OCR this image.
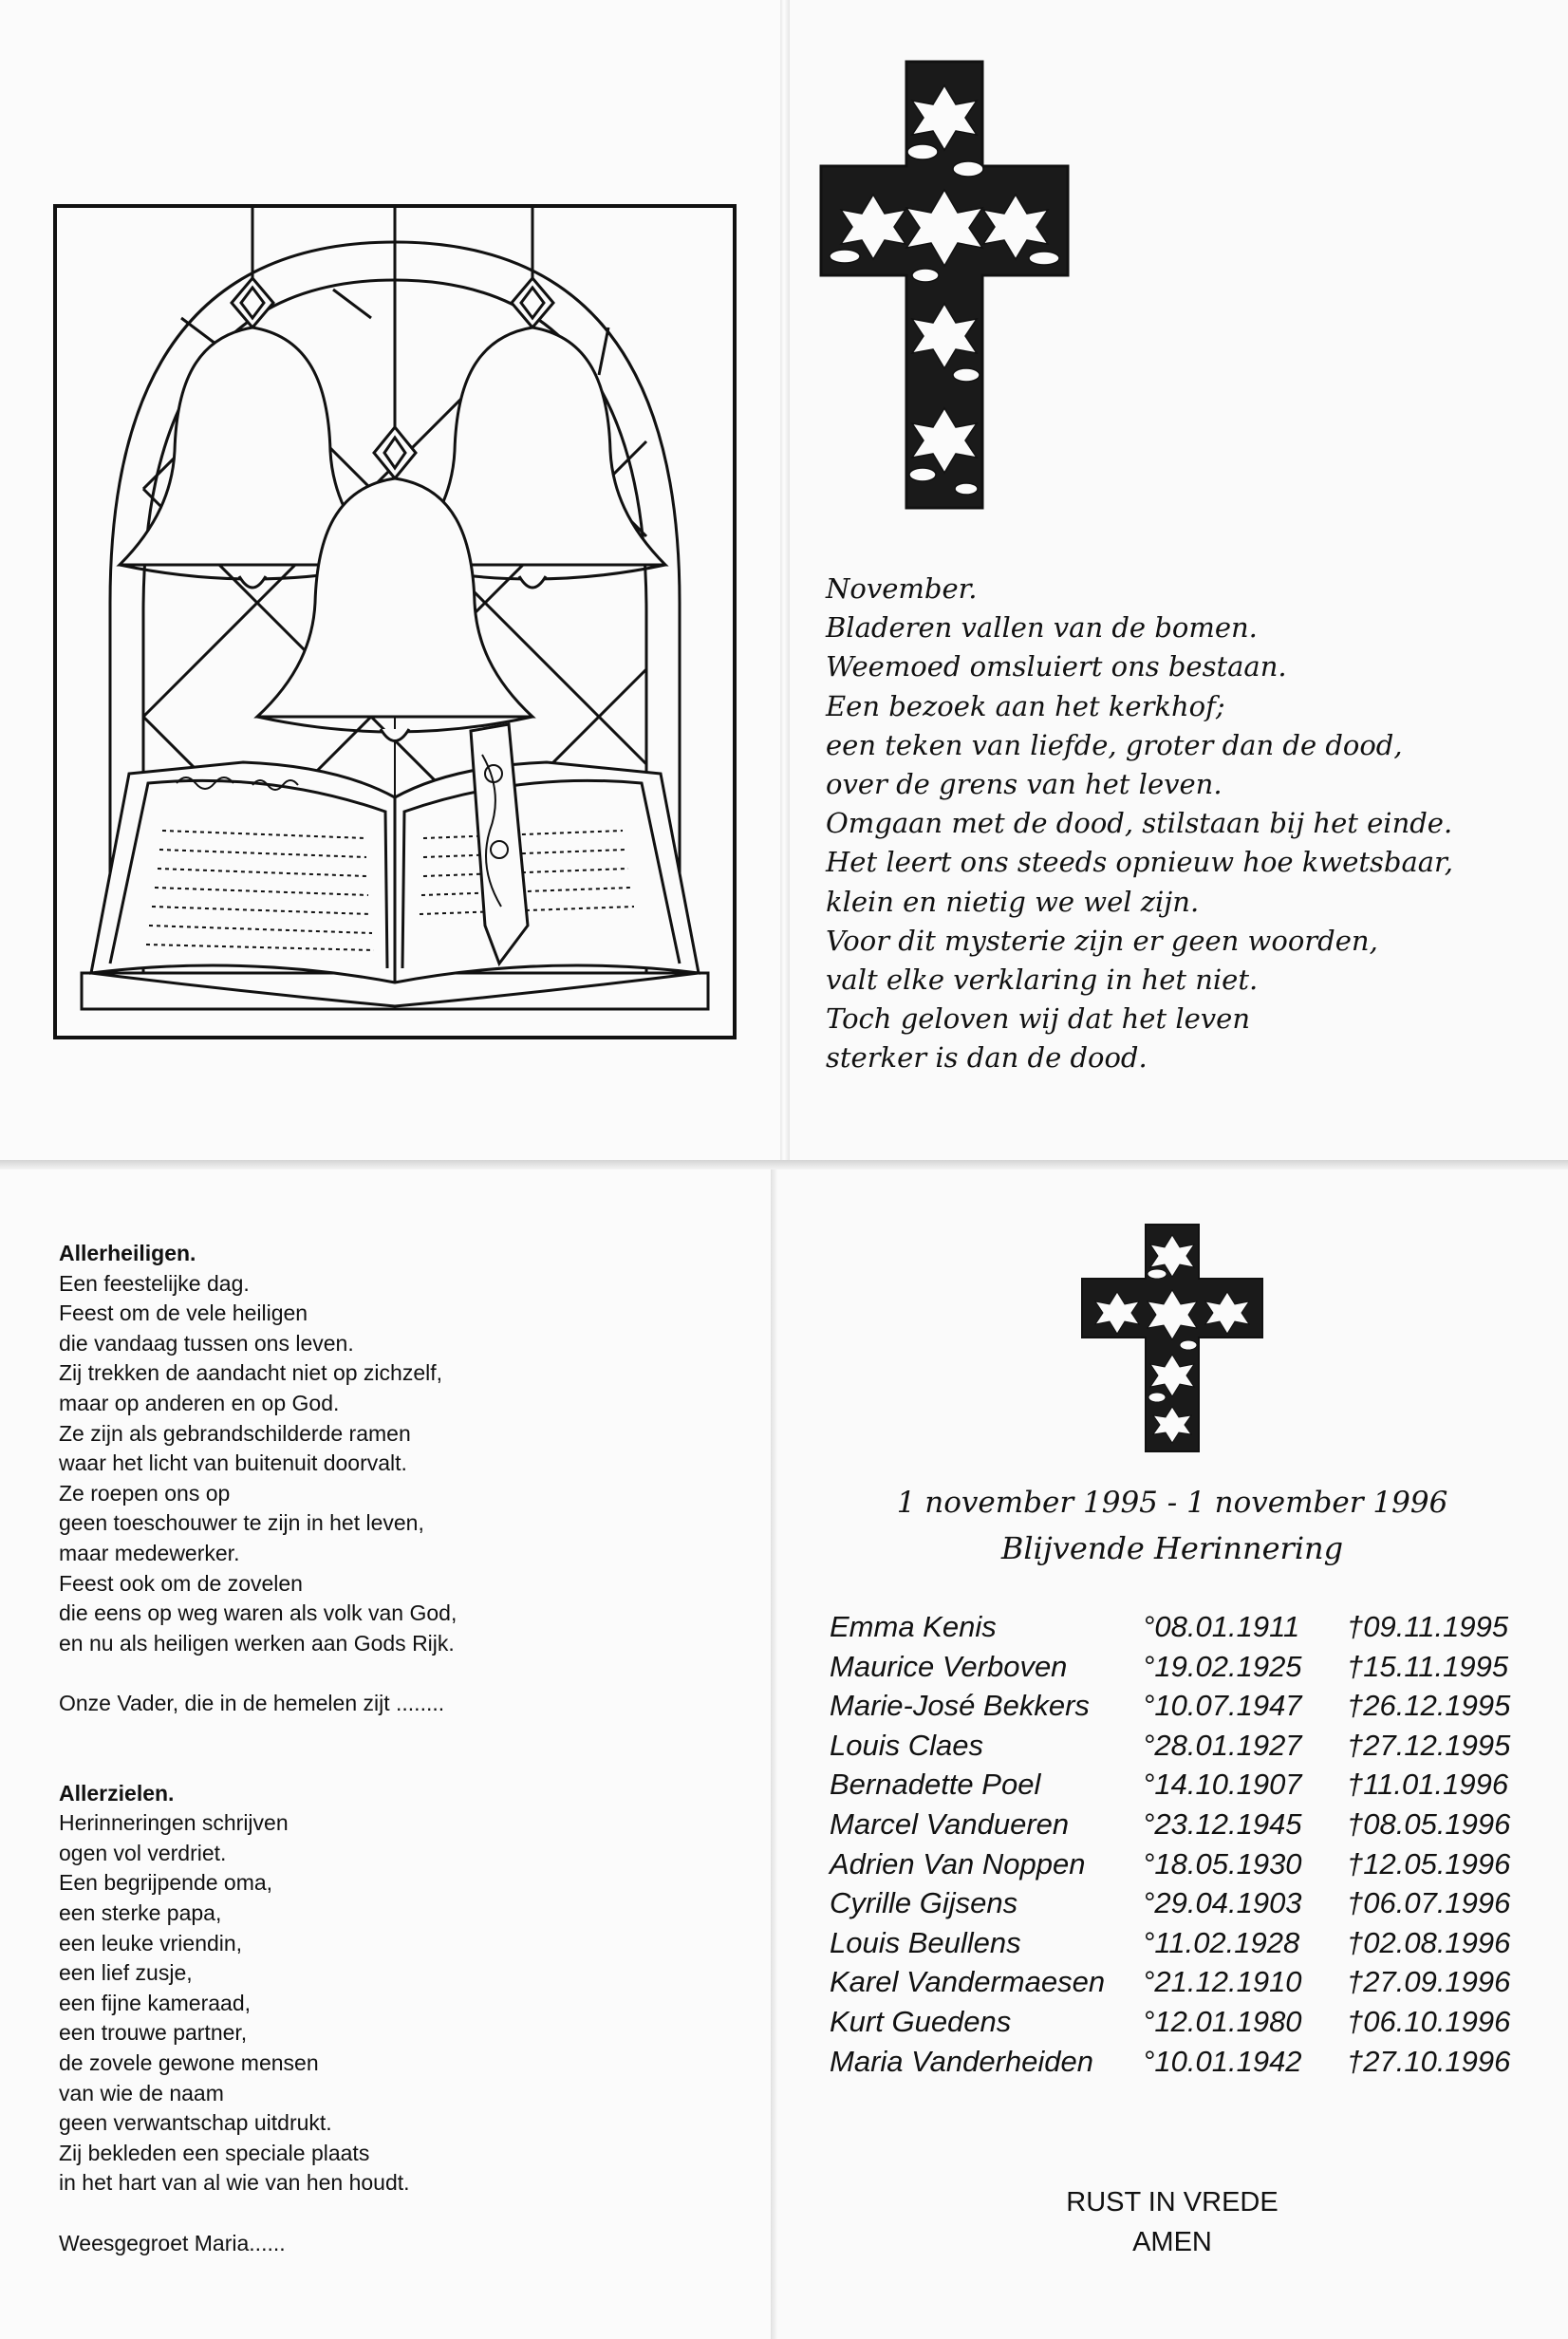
November.
Bladeren vallen van de bomen.
Weemoed omsluiert ons bestaan.
Een bezoek aan het kerkhof;
een teken van liefde, groter dan de dood,
over de grens van het leven.
Omgaan met de dood, stilstaan bij het einde.
Het leert ons steeds opnieuw hoe kwetsbaar,
klein en nietig we wel zijn.
Voor dit mysterie zijn er geen woorden,
valt elke verklaring in het niet.
Toch geloven wij dat het leven
sterker is dan de dood.
Allerheiligen.
Een feestelijke dag.
Feest om de vele heiligen
die vandaag tussen ons leven.
Zij trekken de aandacht niet op zichzelf,
maar op anderen en op God.
Ze zijn als gebrandschilderde ramen
waar het licht van buitenuit doorvalt.
Ze roepen ons op
geen toeschouwer te zijn in het leven,
maar medewerker.
Feest ook om de zovelen
die eens op weg waren als volk van God,
en nu als heiligen werken aan Gods Rijk.
Onze Vader, die in de hemelen zijt ........
Allerzielen.
Herinneringen schrijven
ogen vol verdriet.
Een begrijpende oma,
een sterke papa,
een leuke vriendin,
een lief zusje,
een fijne kameraad,
een trouwe partner,
de zovele gewone mensen
van wie de naam
geen verwantschap uitdrukt.
Zij bekleden een speciale plaats
in het hart van al wie van hen houdt.
Weesgegroet Maria......
1 november 1995 - 1 november 1996
Blijvende Herinnering
Emma Kenis	°08.01.1911 †09.11.1995
Maurice Verboven	°19.02.1925 †15.11.1995
Marie-José Bekkers °10.07.1947 †26.12.1995
Louis Claes	°28.01.1927 †27.12.1995
Bernadette Poel	°14.10.1907 †11.01.1996
Marcel Vandueren	°23.12.1945 †08.05.1996
Adrien Van Noppen °18.05.1930 †12.05.1996
Cyrille Gijsens	°29.04.1903 †06.07.1996
Louis Beullens	°11.02.1928 †02.08.1996
Karel Vandermaesen °21.12.1910 †27.09.1996
Kurt Guedens	°12.01.1980 †06.10.1996
Maria Vanderheiden °10.01.1942 †27.10.1996
RUST IN VREDE
AMEN
